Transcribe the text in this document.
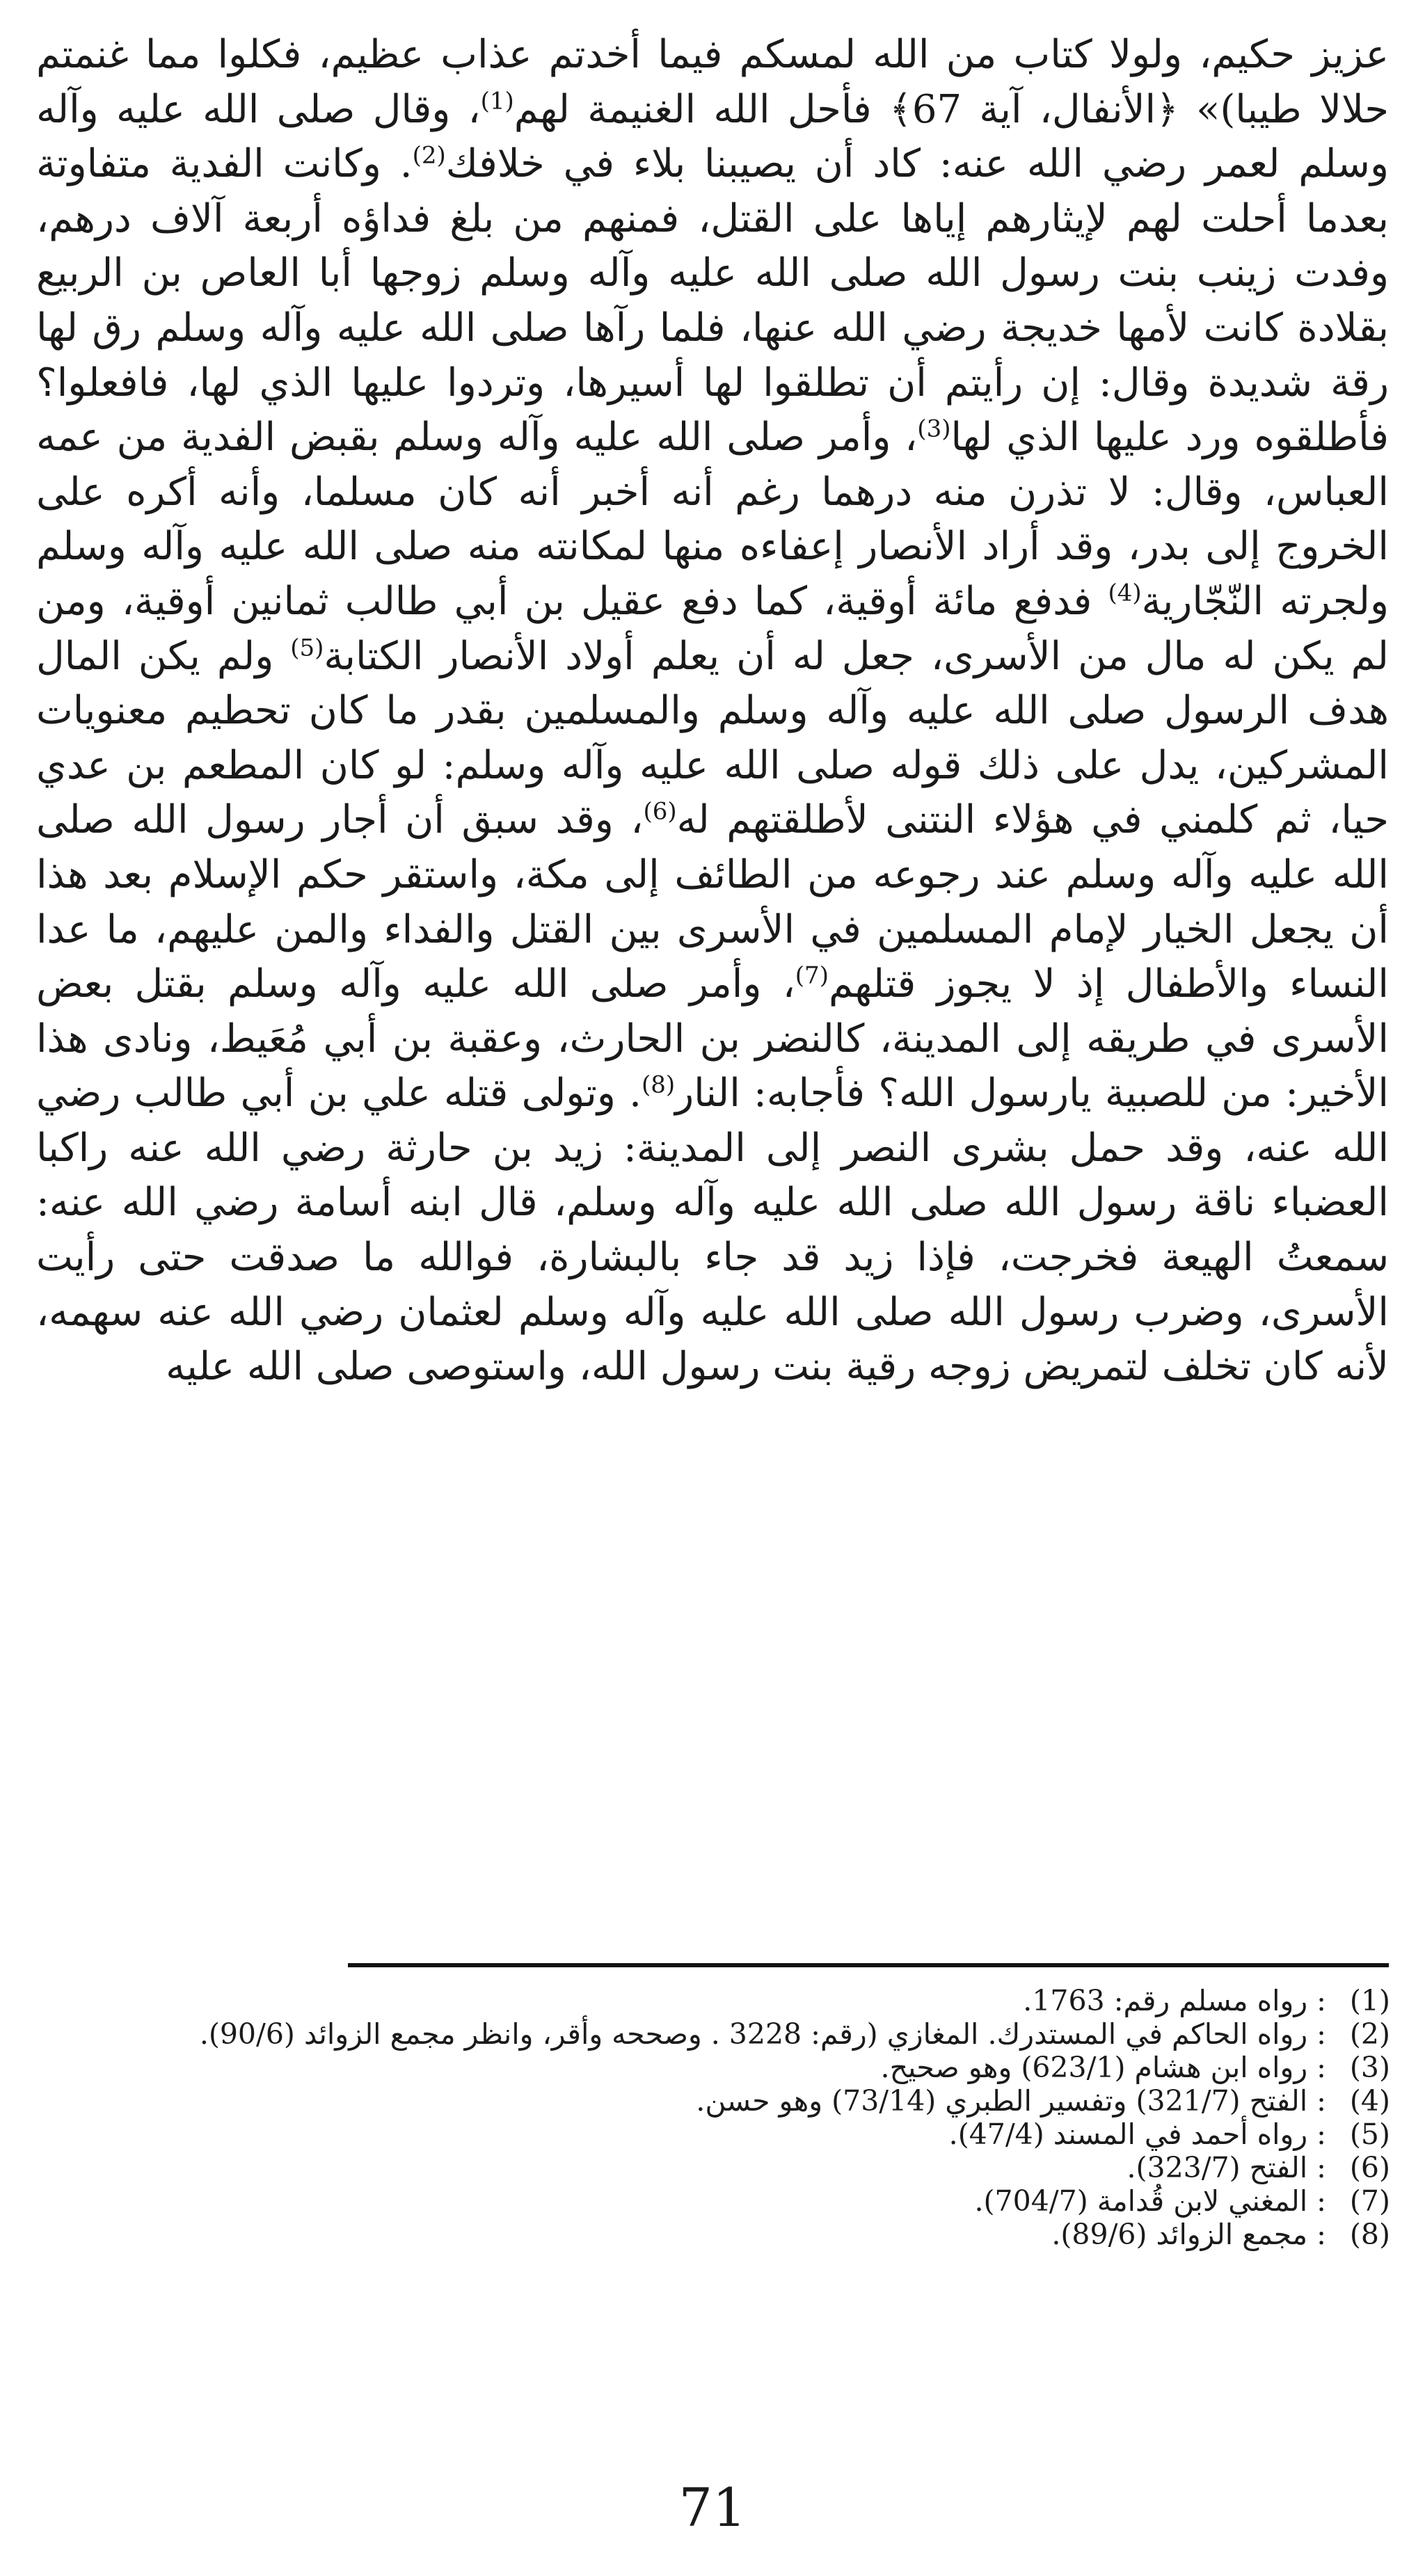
عزيز حكيم، ولولا كتاب من الله لمسكم فيما أخدتم عذاب عظيم، فكلوا مما غنمتم حلالا طيبا)» ﴿الأنفال، آية 67﴾ فأحل الله الغنيمة لهم$^{(1)}$، وقال صلى الله عليه وآله وسلم لعمر رضي الله عنه: كاد أن يصيبنا بلاء في خلافك$^{(2)}$. وكانت الفدية متفاوتة بعدما أحلت لهم لإيثارهم إياها على القتل، فمنهم من بلغ فداؤه أربعة آلاف درهم، وفدت زينب بنت رسول الله صلى الله عليه وآله وسلم زوجها أبا العاص بن الربيع بقلادة كانت لأمها خديجة رضي الله عنها، فلما رآها صلى الله عليه وآله وسلم رق لها رقة شديدة وقال: إن رأيتم أن تطلقوا لها أسيرها، وتردوا عليها الذي لها، فافعلوا؟ فأطلقوه ورد عليها الذي لها$^{(3)}$، وأمر صلى الله عليه وآله وسلم بقبض الفدية من عمه العباس، وقال: لا تذرن منه درهما رغم أنه أخبر أنه كان مسلما، وأنه أكره على الخروج إلى بدر، وقد أراد الأنصار إعفاءه منها لمكانته منه صلى الله عليه وآله وسلم ولجرته النّجّارية$^{(4)}$ فدفع مائة أوقية، كما دفع عقيل بن أبي طالب ثمانين أوقية، ومن لم يكن له مال من الأسرى، جعل له أن يعلم أولاد الأنصار الكتابة$^{(5)}$ ولم يكن المال هدف الرسول صلى الله عليه وآله وسلم والمسلمين بقدر ما كان تحطيم معنويات المشركين، يدل على ذلك قوله صلى الله عليه وآله وسلم: لو كان المطعم بن عدي حيا، ثم كلمني في هؤلاء النتنى لأطلقتهم له$^{(6)}$، وقد سبق أن أجار رسول الله صلى الله عليه وآله وسلم عند رجوعه من الطائف إلى مكة، واستقر حكم الإسلام بعد هذا أن يجعل الخيار لإمام المسلمين في الأسرى بين القتل والفداء والمن عليهم، ما عدا النساء والأطفال إذ لا يجوز قتلهم$^{(7)}$، وأمر صلى الله عليه وآله وسلم بقتل بعض الأسرى في طريقه إلى المدينة، كالنضر بن الحارث، وعقبة بن أبي مُعَيط، ونادى هذا الأخير: من للصبية يارسول الله؟ فأجابه: النار$^{(8)}$. وتولى قتله علي بن أبي طالب رضي الله عنه، وقد حمل بشرى النصر إلى المدينة: زيد بن حارثة رضي الله عنه راكبا العضباء ناقة رسول الله صلى الله عليه وآله وسلم، قال ابنه أسامة رضي الله عنه: سمعتُ الهيعة فخرجت، فإذا زيد قد جاء بالبشارة، فوالله ما صدقت حتى رأيت الأسرى، وضرب رسول الله صلى الله عليه وآله وسلم لعثمان رضي الله عنه سهمه، لأنه كان تخلف لتمريض زوجه رقية بنت رسول الله، واستوصى صلى الله عليه
(1): رواه مسلم رقم: 1763.
(2): رواه الحاكم في المستدرك. المغازي (رقم: 3228 . وصححه وأقر، وانظر مجمع الزوائد (90/6).
(3): رواه ابن هشام (623/1) وهو صحيح.
(4): الفتح (321/7) وتفسير الطبري (73/14) وهو حسن.
(5): رواه أحمد في المسند (47/4).
(6): الفتح (323/7).
(7): المغني لابن قُدامة (704/7).
(8): مجمع الزوائد (89/6).
71
